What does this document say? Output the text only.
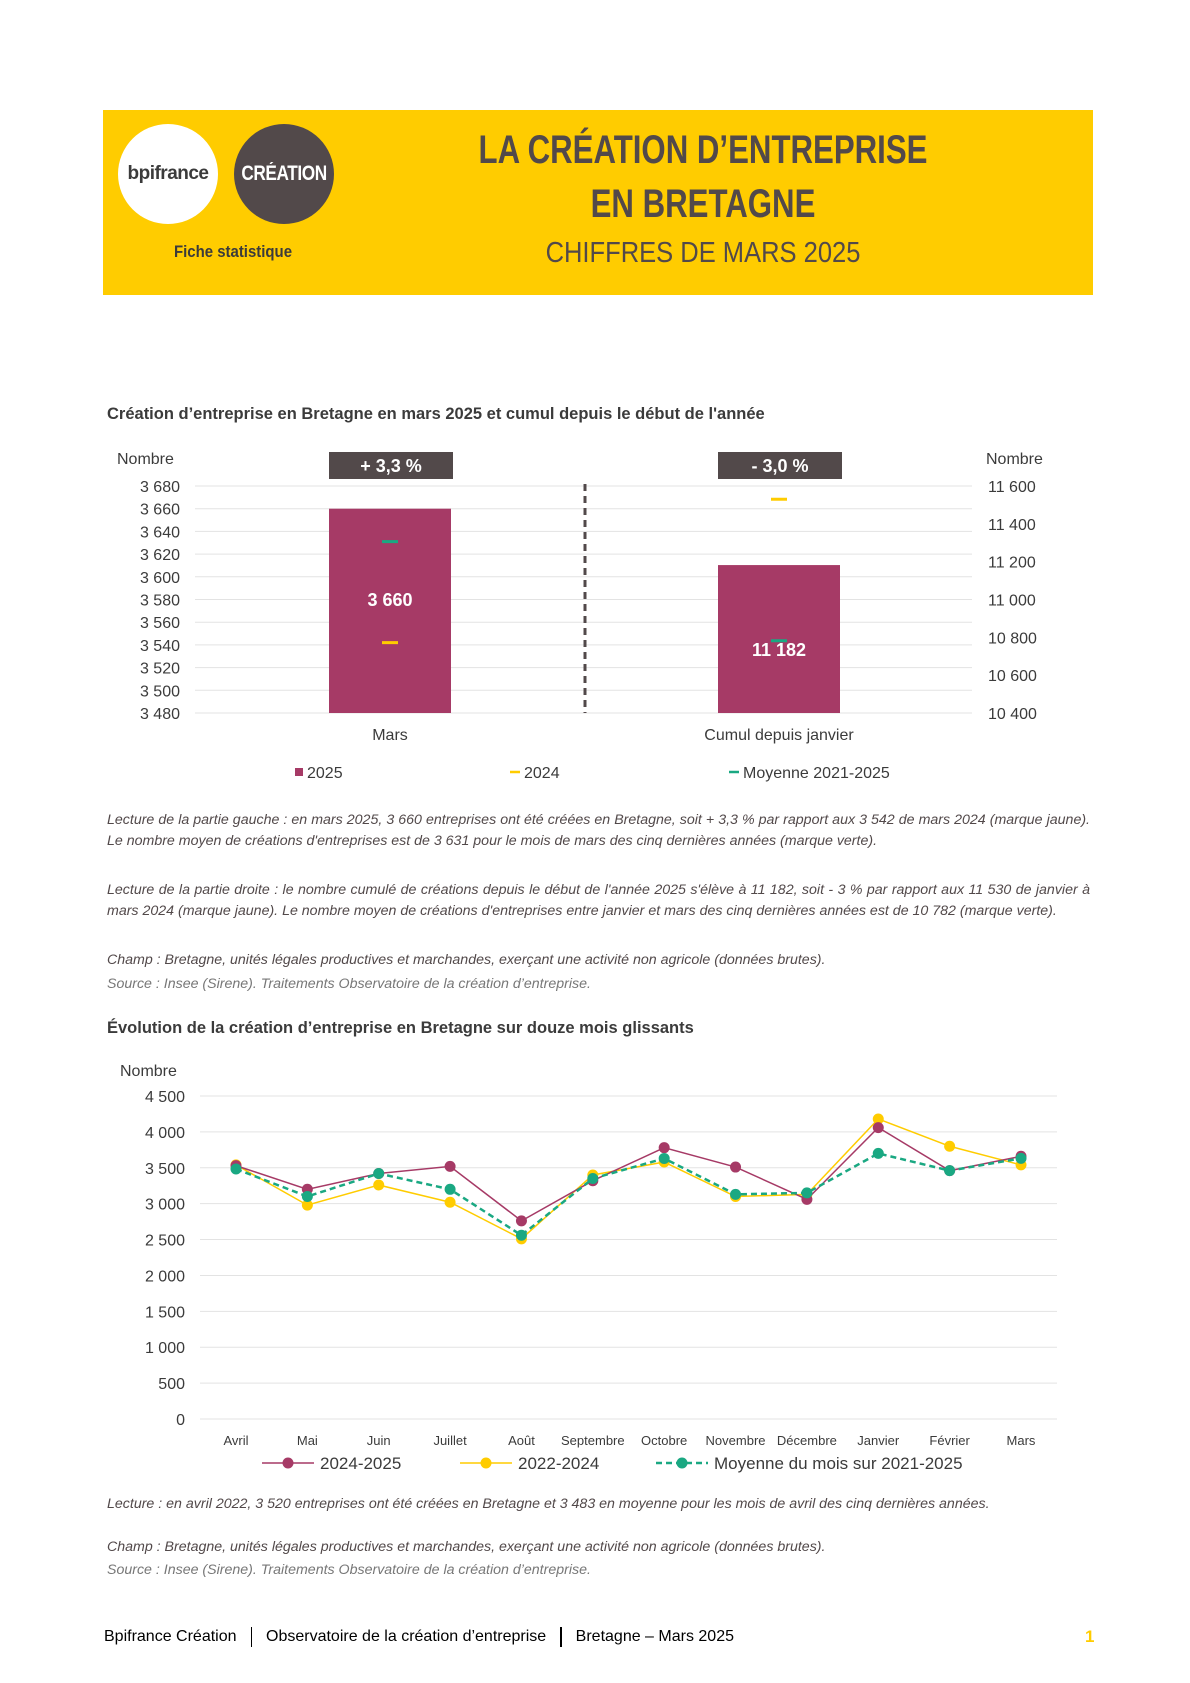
bpifrance CRÉATION
Fiche statistique
LA CRÉATION D’ENTREPRISE
EN BRETAGNE
CHIFFRES DE MARS 2025
Création d’entreprise en Bretagne en mars 2025 et cumul depuis le début de l'année
3 680
3 660
3 640
3 620
3 600
3 580
3 560
3 540
3 520
3 500
3 480
11 600
11 400
11 200
11 000
10 800
10 600
10 400
Nombre	Nombre
3 660
+ 3,3 %
Mars
11 182
- 3,0 %
Cumul depuis janvier
2025	2024	Moyenne 2021-2025
Lecture de la partie gauche : en mars 2025, 3 660 entreprises ont été créées en Bretagne, soit + 3,3 % par rapport aux 3 542 de mars 2024 (marque jaune). Le nombre moyen de créations d'entreprises est de 3 631 pour le mois de mars des cinq dernières années (marque verte).
Lecture de la partie droite : le nombre cumulé de créations depuis le début de l'année 2025 s'élève à 11 182, soit - 3 % par rapport aux 11 530 de janvier à mars 2024 (marque jaune). Le nombre moyen de créations d'entreprises entre janvier et mars des cinq dernières années est de 10 782 (marque verte).
Champ : Bretagne, unités légales productives et marchandes, exerçant une activité non agricole (données brutes).
Source : Insee (Sirene). Traitements Observatoire de la création d’entreprise.
Évolution de la création d’entreprise en Bretagne sur douze mois glissants
4 500
4 000
3 500
3 000
2 500
2 000
1 500
1 000
500
0
Nombre
Avril	Mai	Juin	Juillet	Août Septembre Octobre Novembre Décembre Janvier Février	Mars
2024-2025	2022-2024	Moyenne du mois sur 2021-2025
Lecture : en avril 2022, 3 520 entreprises ont été créées en Bretagne et 3 483 en moyenne pour les mois de avril des cinq dernières années.
Champ : Bretagne, unités légales productives et marchandes, exerçant une activité non agricole (données brutes).
Source : Insee (Sirene). Traitements Observatoire de la création d’entreprise.
Bpifrance Création Observatoire de la création d’entreprise Bretagne – Mars 2025	1
